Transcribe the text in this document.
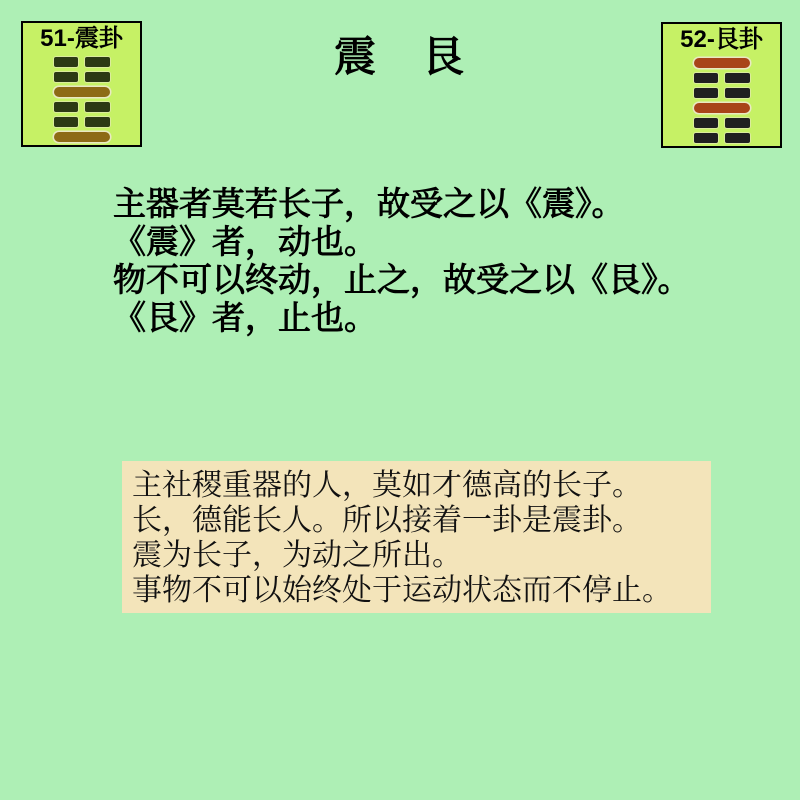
51-震卦	震　艮	52-艮卦
主器者莫若长子，故受之以《震》。
《震》者，动也。
物不可以终动，止之，故受之以《艮》。
《艮》者，止也。
主社稷重器的人，莫如才德高的长子。
长，德能长人。所以接着一卦是震卦。
震为长子，为动之所出。
事物不可以始终处于运动状态而不停止。
